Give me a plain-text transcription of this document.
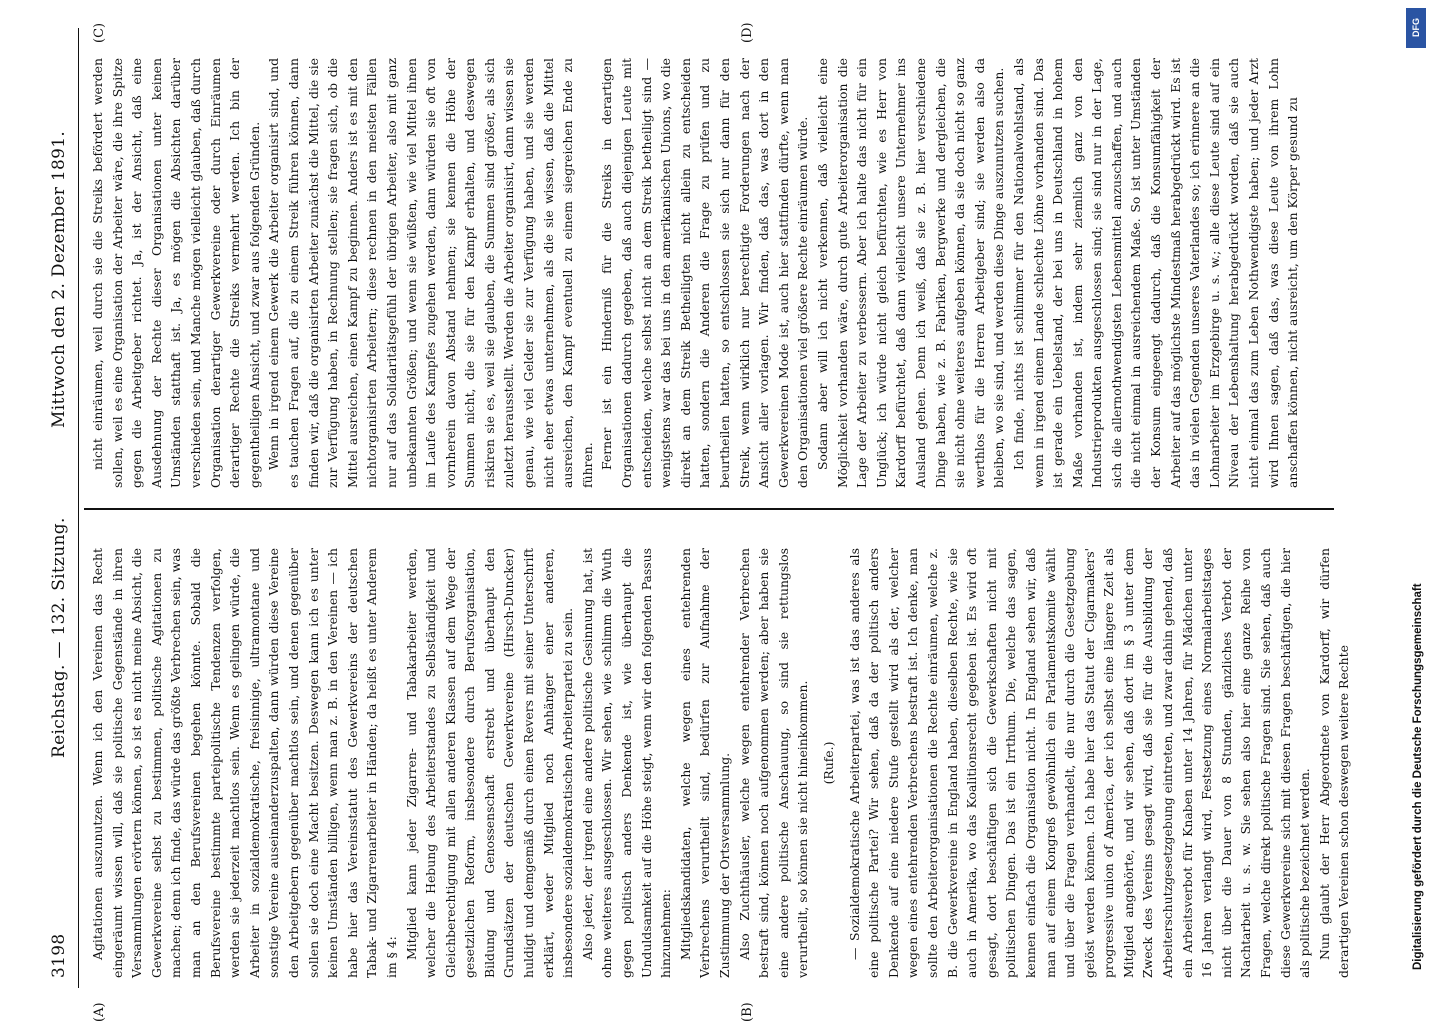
3198
Reichstag. — 132. Sitzung.
Mittwoch den 2. Dezember 1891.
(A)	(B)
(C)	(D)

Agitationen auszunutzen. Wenn ich den Vereinen das Recht eingeräumt wissen will, daß sie politische Gegenstände in ihren Versammlungen erörtern können, so ist es nicht meine Absicht, die Gewerkvereine selbst zu bestimmen, politische Agitationen zu machen; denn ich finde, das würde das größte Verbrechen sein, was man an den Berufsvereinen begehen könnte. Sobald die Berufsvereine bestimmte parteipolitische Tendenzen verfolgen, werden sie jederzeit machtlos sein. Wenn es gelingen würde, die Arbeiter in sozialdemokratische, freisinnige, ultramontane und sonstige Vereine auseinanderzuspalten, dann würden diese Vereine den Arbeitgebern gegenüber machtlos sein, und denen gegenüber sollen sie doch eine Macht besitzen. Deswegen kann ich es unter keinen Umständen billigen, wenn man z. B. in den Vereinen — ich habe hier das Vereinsstatut des Gewerkvereins der deutschen Tabak- und Zigarrenarbeiter in Händen; da heißt es unter Anderem im § 4: Mitglied kann jeder Zigarren- und Tabakarbeiter werden, welcher die Hebung des Arbeiterstandes zu Selbständigkeit und Gleichberechtigung mit allen anderen Klassen auf dem Wege der gesetzlichen Reform, insbesondere durch Berufsorganisation, Bildung und Genossenschaft erstrebt und überhaupt den Grundsätzen der deutschen Gewerkvereine (Hirsch-Duncker) huldigt und demgemäß durch einen Revers mit seiner Unterschrift erklärt, weder Mitglied noch Anhänger einer anderen, insbesondere sozialdemokratischen Arbeiterpartei zu sein. Also jeder, der irgend eine andere politische Gesinnung hat, ist ohne weiteres ausgeschlossen. Wir sehen, wie schlimm die Wuth gegen politisch anders Denkende ist, wie überhaupt die Unduldsamkeit auf die Höhe steigt, wenn wir den folgenden Passus hinzunehmen: Mitgliedskandidaten, welche wegen eines entehrenden Verbrechens verurtheilt sind, bedürfen zur Aufnahme der Zustimmung der Ortsversammlung. Also Zuchthäusler, welche wegen entehrender Verbrechen bestraft sind, können noch aufgenommen werden; aber haben sie eine andere politische Anschauung, so sind sie rettungslos verurtheilt, so können sie nicht hineinkommen. (Rufe.) — Sozialdemokratische Arbeiterpartei, was ist das anderes als eine politische Partei? Wir sehen, daß da der politisch anders Denkende auf eine niedere Stufe gestellt wird als der, welcher wegen eines entehrenden Verbrechens bestraft ist. Ich denke, man sollte den Arbeiterorganisationen die Rechte einräumen, welche z. B. die Gewerkvereine in England haben, dieselben Rechte, wie sie auch in Amerika, wo das Koalitionsrecht gegeben ist. Es wird oft gesagt, dort beschäftigen sich die Gewerkschaften nicht mit politischen Dingen. Das ist ein Irrthum. Die, welche das sagen, kennen einfach die Organisation nicht. In England sehen wir, daß man auf einem Kongreß gewöhnlich ein Parlamentskomite wählt und über die Fragen verhandelt, die nur durch die Gesetzgebung gelöst werden können. Ich habe hier das Statut der Cigarmakers' progressive union of America, der ich selbst eine längere Zeit als Mitglied angehörte, und wir sehen, daß dort im § 3 unter dem Zweck des Vereins gesagt wird, daß sie für die Ausbildung der Arbeiterschutzgesetzgebung eintreten, und zwar dahin gehend, daß ein Arbeitsverbot für Knaben unter 14 Jahren, für Mädchen unter 16 Jahren verlangt wird, Festsetzung eines Normalarbeitstages nicht über die Dauer von 8 Stunden, gänzliches Verbot der Nachtarbeit u. s. w. Sie sehen also hier eine ganze Reihe von Fragen, welche direkt politische Fragen sind. Sie sehen, daß auch diese Gewerkvereine sich mit diesen Fragen beschäftigen, die hier als politische bezeichnet werden. Nun glaubt der Herr Abgeordnete von Kardorff, wir dürfen derartigen Vereinen schon deswegen weitere Rechte

nicht einräumen, weil durch sie die Streiks befördert werden sollen, weil es eine Organisation der Arbeiter wäre, die ihre Spitze gegen die Arbeitgeber richtet. Ja, ist der Ansicht, daß eine Ausdehnung der Rechte dieser Organisationen unter keinen Umständen statthaft ist. Ja, es mögen die Absichten darüber verschieden sein, und Manche mögen vielleicht glauben, daß durch Organisation derartiger Gewerkvereine oder durch Einräumen derartiger Rechte die Streiks vermehrt werden. Ich bin der gegentheiligen Ansicht, und zwar aus folgenden Gründen. Wenn in irgend einem Gewerk die Arbeiter organisirt sind, und es tauchen Fragen auf, die zu einem Streik führen können, dann finden wir, daß die organisirten Arbeiter zunächst die Mittel, die sie zur Verfügung haben, in Rechnung stellen; sie fragen sich, ob die Mittel ausreichen, einen Kampf zu beginnen. Anders ist es mit den nichtorganisirten Arbeitern; diese rechnen in den meisten Fällen nur auf das Solidaritätsgefühl der übrigen Arbeiter, also mit ganz unbekannten Größen; und wenn sie wüßten, wie viel Mittel ihnen im Laufe des Kampfes zugehen werden, dann würden sie oft von vornherein davon Abstand nehmen; sie kennen die Höhe der Summen nicht, die sie für den Kampf erhalten, und deswegen riskiren sie es, weil sie glauben, die Summen sind größer, als sich zuletzt herausstellt. Werden die Arbeiter organisirt, dann wissen sie genau, wie viel Gelder sie zur Verfügung haben, und sie werden nicht eher etwas unternehmen, als die sie wissen, daß die Mittel ausreichen, den Kampf eventuell zu einem siegreichen Ende zu führen. Ferner ist ein Hinderniß für die Streiks in derartigen Organisationen dadurch gegeben, daß auch diejenigen Leute mit entscheiden, welche selbst nicht an dem Streik betheiligt sind — wenigstens war das bei uns in den amerikanischen Unions, wo die direkt an dem Streik Betheiligten nicht allein zu entscheiden hatten, sondern die Anderen die Frage zu prüfen und zu beurtheilen hatten, so entschlossen sie sich nur dann für den Streik, wenn wirklich nur berechtigte Forderungen nach der Ansicht aller vorlagen. Wir finden, daß das, was dort in den Gewerkvereinen Mode ist, auch hier stattfinden dürfte, wenn man den Organisationen viel größere Rechte einräumen würde. Sodann aber will ich nicht verkennen, daß vielleicht eine Möglichkeit vorhanden wäre, durch gute Arbeiterorganisation die Lage der Arbeiter zu verbessern. Aber ich halte das nicht für ein Unglück; ich würde nicht gleich befürchten, wie es Herr von Kardorff befürchtet, daß dann vielleicht unsere Unternehmer ins Ausland gehen. Denn ich weiß, daß sie z. B. hier verschiedene Dinge haben, wie z. B. Fabriken, Bergwerke und dergleichen, die sie nicht ohne weiteres aufgeben können, da sie doch nicht so ganz werthlos für die Herren Arbeitgeber sind; sie werden also da bleiben, wo sie sind, und werden diese Dinge auszunutzen suchen. Ich finde, nichts ist schlimmer für den Nationalwohlstand, als wenn in irgend einem Lande schlechte Löhne vorhanden sind. Das ist gerade ein Uebelstand, der bei uns in Deutschland in hohem Maße vorhanden ist, indem sehr ziemlich ganz von den Industrieprodukten ausgeschlossen sind; sie sind nur in der Lage, sich die allernothwendigsten Lebensmittel anzuschaffen, und auch die nicht einmal in ausreichendem Maße. So ist unter Umständen der Konsum eingeengt dadurch, daß die Konsumfähigkeit der Arbeiter auf das möglichste Mindestmaß herabgedrückt wird. Es ist das in vielen Gegenden unseres Vaterlandes so; ich erinnere an die Lohnarbeiter im Erzgebirge u. s. w.; alle diese Leute sind auf ein Niveau der Lebenshaltung herabgedrückt worden, daß sie auch nicht einmal das zum Leben Nothwendigste haben; und jeder Arzt wird Ihnen sagen, daß das, was diese Leute von ihrem Lohn anschaffen können, nicht ausreicht, um den Körper gesund zu

DFG
Digitalisierung gefördert durch die Deutsche Forschungsgemeinschaft
